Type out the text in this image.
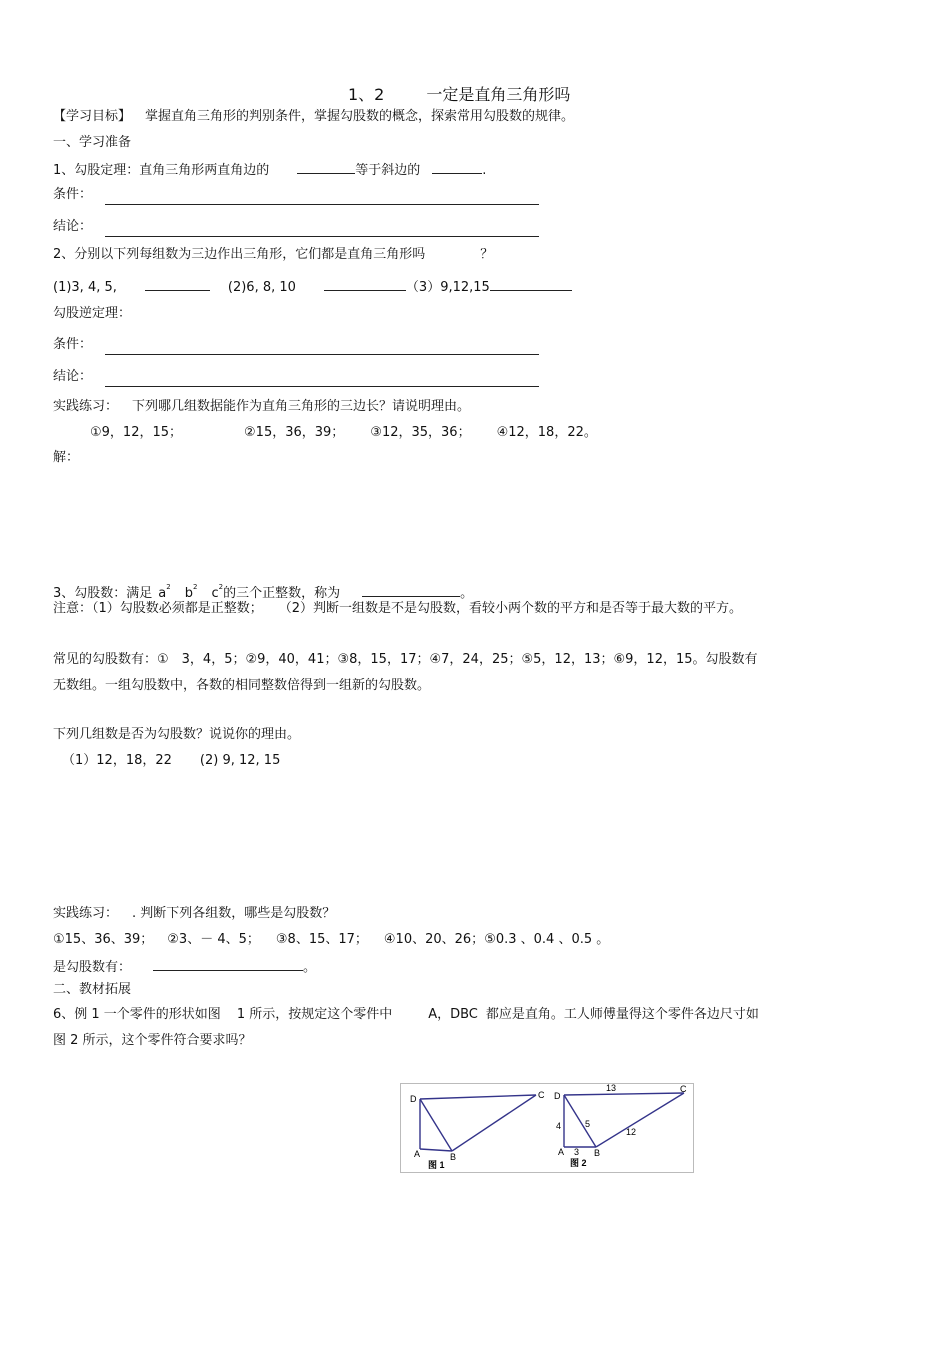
1、2	一定是直角三角形吗
【学习目标】 掌握直角三角形的判别条件，掌握勾股数的概念，探索常用勾股数的规律。
一、学习准备
1、勾股定理：直角三角形两直角边的	等于斜边的	.
条件：
结论：
2、分别以下列每组数为三边作出三角形，它们都是直角三角形吗	？
(1)3, 4, 5,	(2)6, 8, 10	（3）9,12,15
勾股逆定理：
条件：
结论：
实践练习： 下列哪几组数据能作为直角三角形的三边长？请说明理由。
①9，12，15；	②15，36，39； ③12，35，36； ④12，18，22。
解：
3、勾股数：满足 $a^2$ $b^2$ $c^2$的三个正整数，称为	。
注意：（1）勾股数必须都是正整数； （2）判断一组数是不是勾股数，看较小两个数的平方和是否等于最大数的平方。
常见的勾股数有：①　3，4，5；②9，40，41；③8，15，17；④7，24，25；⑤5，12，13；⑥9，12，15。勾股数有
无数组。一组勾股数中，各数的相同整数倍得到一组新的勾股数。
下列几组数是否为勾股数？说说你的理由。
（1）12，18，22 (2) 9, 12, 15
实践练习： . 判断下列各组数，哪些是勾股数？
①15、36、39； ②3、－ 4、5； ③8、15、17； ④10、20、26；⑤0.3 、0.4 、0.5 。
是勾股数有：	。
二、教材拓展
6、例 1 一个零件的形状如图 1 所示，按规定这个零件中	A，DBC 都应是直角。工人师傅量得这个零件各边尺寸如
图 2 所示，这个零件符合要求吗？
D	C
A	B
图 1
D
C
A	B
13
4	5
12
3
图 2
